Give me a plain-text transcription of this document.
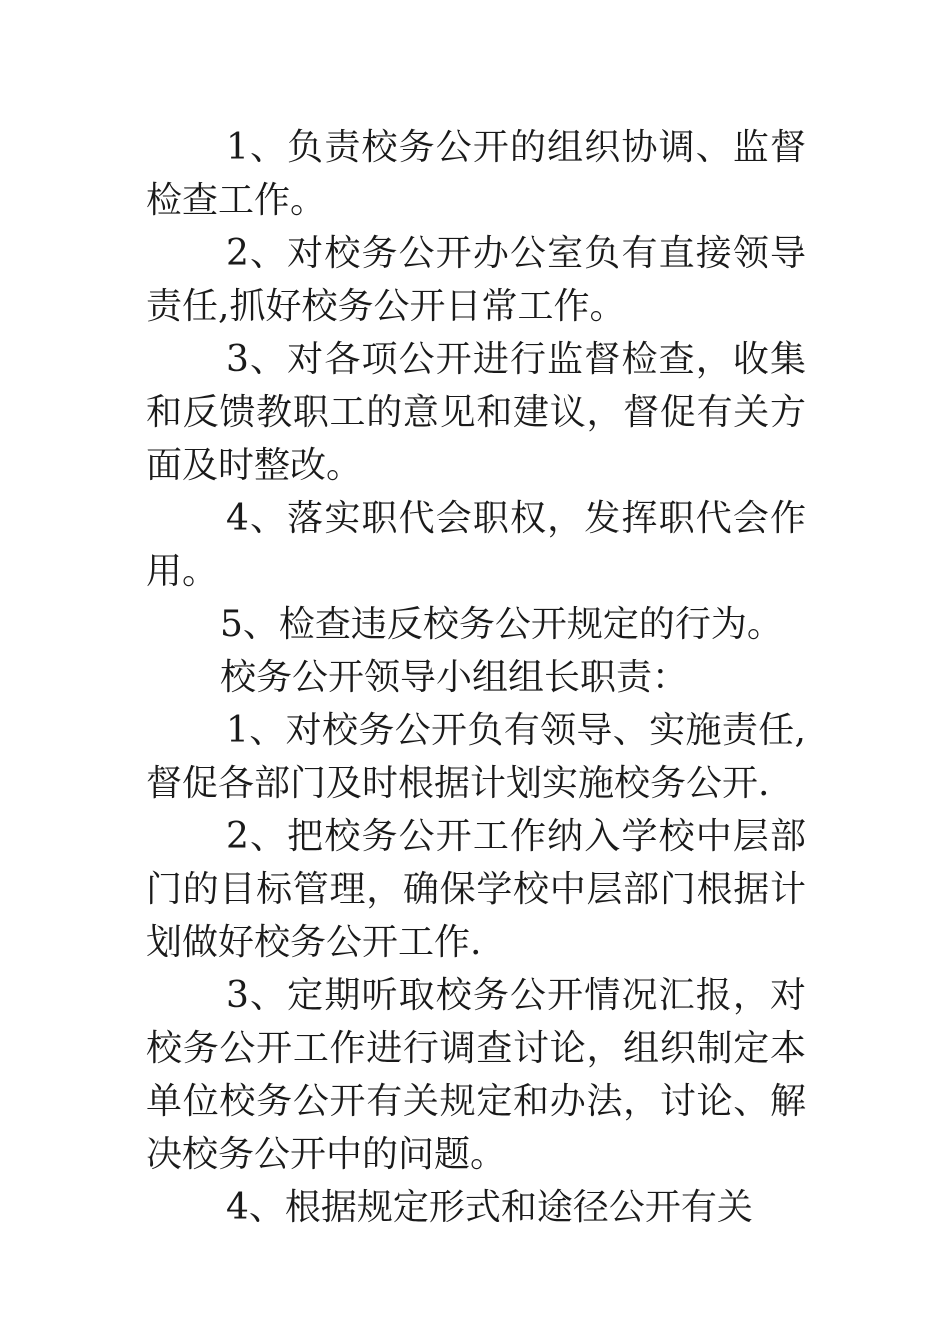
1、负责校务公开的组织协调、监督检查工作。

2、对校务公开办公室负有直接领导责任,抓好校务公开日常工作。

3、对各项公开进行监督检查，收集和反馈教职工的意见和建议，督促有关方面及时整改。

4、落实职代会职权，发挥职代会作用。

5、检查违反校务公开规定的行为。

校务公开领导小组组长职责：

1、对校务公开负有领导、实施责任,督促各部门及时根据计划实施校务公开.

2、把校务公开工作纳入学校中层部门的目标管理，确保学校中层部门根据计划做好校务公开工作.

3、定期听取校务公开情况汇报，对校务公开工作进行调查讨论，组织制定本单位校务公开有关规定和办法，讨论、解决校务公开中的问题。

4、根据规定形式和途径公开有关
